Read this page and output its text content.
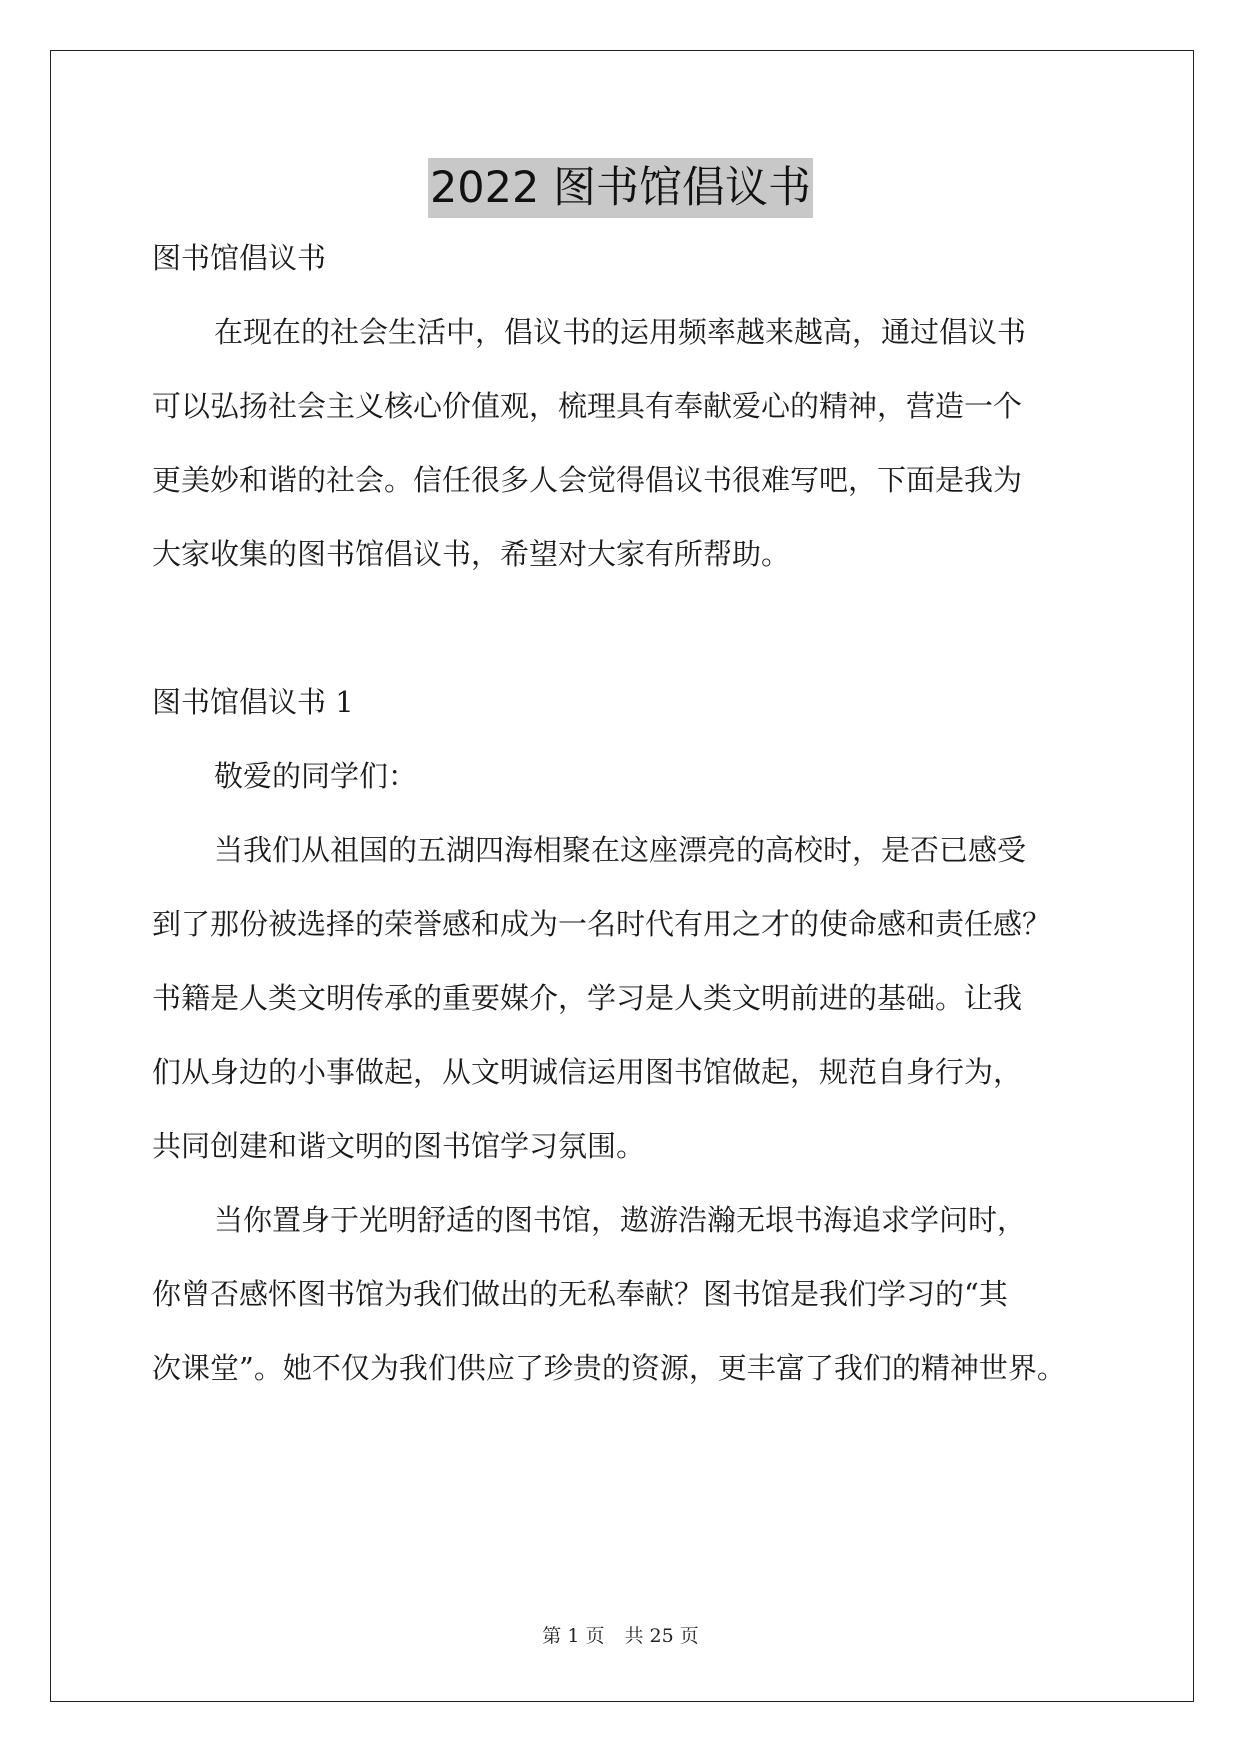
2022 图书馆倡议书
图书馆倡议书
在现在的社会生活中，倡议书的运用频率越来越高，通过倡议书
可以弘扬社会主义核心价值观，梳理具有奉献爱心的精神，营造一个
更美妙和谐的社会。信任很多人会觉得倡议书很难写吧，下面是我为
大家收集的图书馆倡议书，希望对大家有所帮助。
图书馆倡议书 1
敬爱的同学们：
当我们从祖国的五湖四海相聚在这座漂亮的高校时，是否已感受
到了那份被选择的荣誉感和成为一名时代有用之才的使命感和责任感？
书籍是人类文明传承的重要媒介，学习是人类文明前进的基础。让我
们从身边的小事做起，从文明诚信运用图书馆做起，规范自身行为，
共同创建和谐文明的图书馆学习氛围。
当你置身于光明舒适的图书馆，遨游浩瀚无垠书海追求学问时，
你曾否感怀图书馆为我们做出的无私奉献？图书馆是我们学习的“其
次课堂”。她不仅为我们供应了珍贵的资源，更丰富了我们的精神世界。
第 1 页 共 25 页
